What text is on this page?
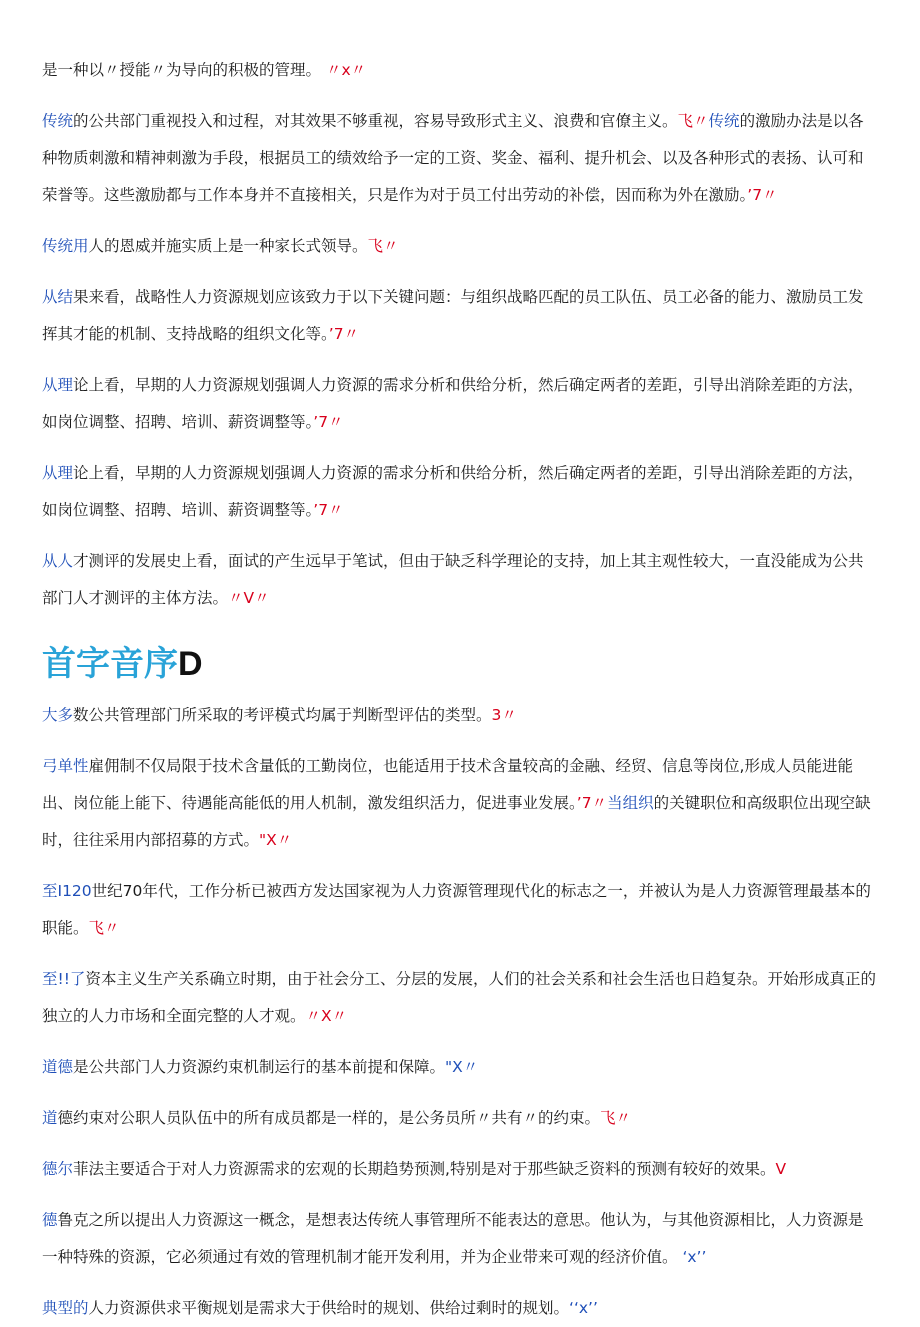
是一种以〃授能〃为导向的积极的管理。 〃x〃

传统的公共部门重视投入和过程，对其效果不够重视，容易导致形式主义、浪费和官僚主义。飞〃传统的激励办法是以各种物质刺激和精神刺激为手段，根据员工的绩效给予一定的工资、奖金、福利、提升机会、以及各种形式的表扬、认可和荣誉等。这些激励都与工作本身并不直接相关，只是作为对于员工付出劳动的补偿，因而称为外在激励。’7〃

传统用人的恩威并施实质上是一种家长式领导。飞〃

从结果来看，战略性人力资源规划应该致力于以下关键问题：与组织战略匹配的员工队伍、员工必备的能力、激励员工发挥其才能的机制、支持战略的组织文化等。’7〃

从理论上看，早期的人力资源规划强调人力资源的需求分析和供给分析，然后确定两者的差距，引导出消除差距的方法，如岗位调整、招聘、培训、薪资调整等。’7〃

从理论上看，早期的人力资源规划强调人力资源的需求分析和供给分析，然后确定两者的差距，引导出消除差距的方法，如岗位调整、招聘、培训、薪资调整等。’7〃

从人才测评的发展史上看，面试的产生远早于笔试，但由于缺乏科学理论的支持，加上其主观性较大，一直没能成为公共部门人才测评的主体方法。〃V〃

首字音序D

大多数公共管理部门所采取的考评模式均属于判断型评估的类型。3〃

弓单性雇佣制不仅局限于技术含量低的工勤岗位，也能适用于技术含量较高的金融、经贸、信息等岗位,形成人员能进能出、岗位能上能下、待遇能高能低的用人机制，激发组织活力，促进事业发展。’7〃当组织的关键职位和高级职位出现空缺时，往往采用内部招募的方式。"X〃

至I120世纪70年代，工作分析已被西方发达国家视为人力资源管理现代化的标志之一，并被认为是人力资源管理最基本的职能。飞〃

至!!了资本主义生产关系确立时期，由于社会分工、分层的发展，人们的社会关系和社会生活也日趋复杂。开始形成真正的独立的人力市场和全面完整的人才观。〃X〃

道德是公共部门人力资源约束机制运行的基本前提和保障。"X〃

道德约束对公职人员队伍中的所有成员都是一样的，是公务员所〃共有〃的约束。飞〃

德尔菲法主要适合于对人力资源需求的宏观的长期趋势预测,特别是对于那些缺乏资料的预测有较好的效果。V

德鲁克之所以提出人力资源这一概念，是想表达传统人事管理所不能表达的意思。他认为，与其他资源相比，人力资源是一种特殊的资源，它必须通过有效的管理机制才能开发利用，并为企业带来可观的经济价值。 ‘x’’

典型的人力资源供求平衡规划是需求大于供给时的规划、供给过剩时的规划。‘‘x’’
